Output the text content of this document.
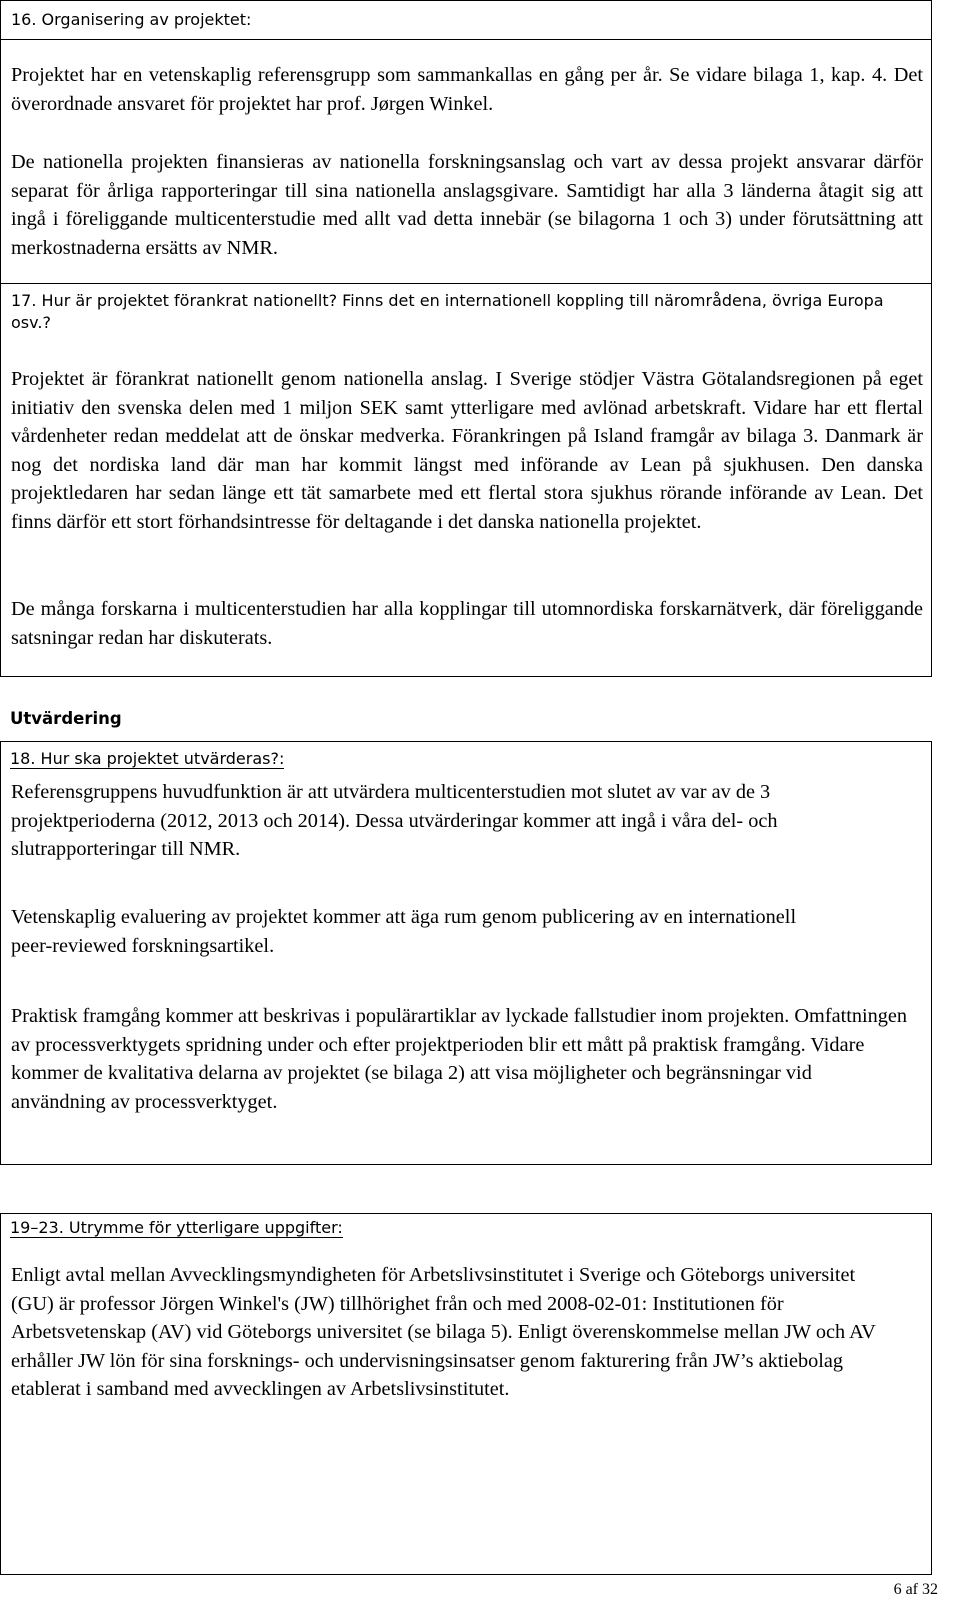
16. Organisering av projektet:

Projektet har en vetenskaplig referensgrupp som sammankallas en gång per år. Se vidare bilaga 1, kap. 4. Det överordnade ansvaret för projektet har prof. Jørgen Winkel.

De nationella projekten finansieras av nationella forskningsanslag och vart av dessa projekt ansvarar därför separat för årliga rapporteringar till sina nationella anslagsgivare. Samtidigt har alla 3 länderna åtagit sig att ingå i föreliggande multicenterstudie med allt vad detta innebär (se bilagorna 1 och 3) under förutsättning att merkostnaderna ersätts av NMR.

17. Hur är projektet förankrat nationellt? Finns det en internationell koppling till närområdena, övriga Europa osv.?

Projektet är förankrat nationellt genom nationella anslag. I Sverige stödjer Västra Götalandsregionen på eget initiativ den svenska delen med 1 miljon SEK samt ytterligare med avlönad arbetskraft. Vidare har ett flertal vårdenheter redan meddelat att de önskar medverka. Förankringen på Island framgår av bilaga 3. Danmark är nog det nordiska land där man har kommit längst med införande av Lean på sjukhusen. Den danska projektledaren har sedan länge ett tät samarbete med ett flertal stora sjukhus rörande införande av Lean. Det finns därför ett stort förhandsintresse för deltagande i det danska nationella projektet.

De många forskarna i multicenterstudien har alla kopplingar till utomnordiska forskarnätverk, där föreliggande satsningar redan har diskuterats.

Utvärdering
18. Hur ska projektet utvärderas?:

Referensgruppens huvudfunktion är att utvärdera multicenterstudien mot slutet av var av de 3 projektperioderna (2012, 2013 och 2014). Dessa utvärderingar kommer att ingå i våra del- och slutrapporteringar till NMR.

Vetenskaplig evaluering av projektet kommer att äga rum genom publicering av en internationell peer-reviewed forskningsartikel.

Praktisk framgång kommer att beskrivas i populärartiklar av lyckade fallstudier inom projekten. Omfattningen av processverktygets spridning under och efter projektperioden blir ett mått på praktisk framgång. Vidare kommer de kvalitativa delarna av projektet (se bilaga 2) att visa möjligheter och begränsningar vid användning av processverktyget.

19–23. Utrymme för ytterligare uppgifter:

Enligt avtal mellan Avvecklingsmyndigheten för Arbetslivsinstitutet i Sverige och Göteborgs universitet (GU) är professor Jörgen Winkel's (JW) tillhörighet från och med 2008-02-01: Institutionen för Arbetsvetenskap (AV) vid Göteborgs universitet (se bilaga 5). Enligt överenskommelse mellan JW och AV erhåller JW lön för sina forsknings- och undervisningsinsatser genom fakturering från JW’s aktiebolag etablerat i samband med avvecklingen av Arbetslivsinstitutet.

6 af 32
